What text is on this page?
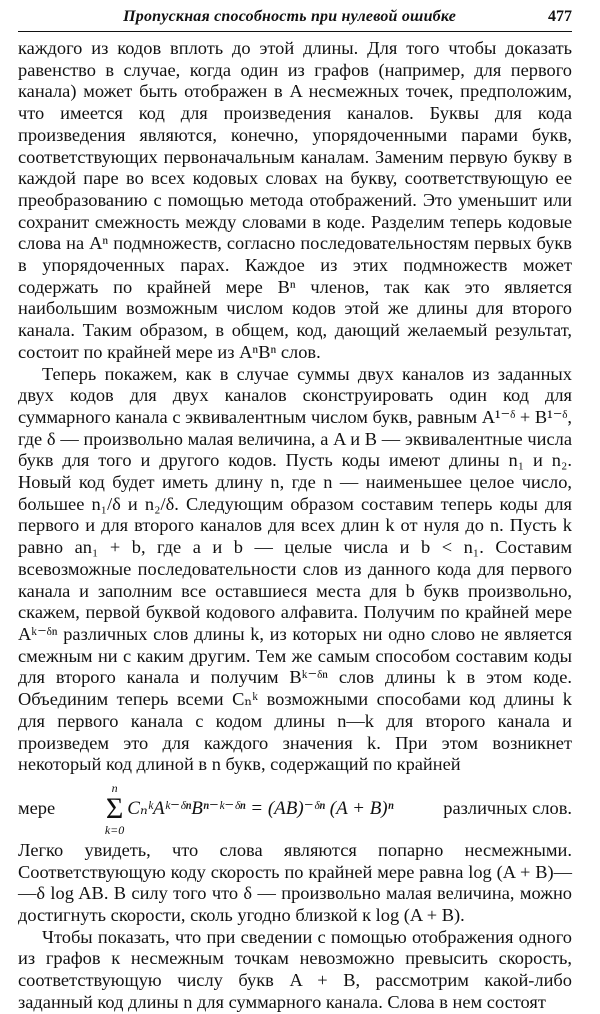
Пропускная способность при нулевой ошибке	477

каждого из кодов вплоть до этой длины. Для того чтобы доказать равенство в случае, когда один из графов (например, для первого канала) может быть отображен в A несмежных точек, предположим, что имеется код для произведения каналов. Буквы для кода произведения являются, конечно, упорядоченными парами букв, соответствующих первоначальным каналам. Заменим первую букву в каждой паре во всех кодовых словах на букву, соответствующую ее преобразованию с помощью метода отображений. Это уменьшит или сохранит смежность между словами в коде. Разделим теперь кодовые слова на Aⁿ подмножеств, согласно последовательностям первых букв в упорядоченных парах. Каждое из этих подмножеств может содержать по крайней мере Bⁿ членов, так как это является наибольшим возможным числом кодов этой же длины для второго канала. Таким образом, в общем, код, дающий желаемый результат, состоит по крайней мере из AⁿBⁿ слов.

Теперь покажем, как в случае суммы двух каналов из заданных двух кодов для двух каналов сконструировать один код для суммарного канала с эквивалентным числом букв, равным A¹⁻ᵟ + B¹⁻ᵟ, где δ — произвольно малая величина, а A и B — эквивалентные числа букв для того и другого кодов. Пусть коды имеют длины n₁ и n₂. Новый код будет иметь длину n, где n — наименьшее целое число, большее n₁/δ и n₂/δ. Следующим образом составим теперь коды для первого и для второго каналов для всех длин k от нуля до n. Пусть k равно an₁ + b, где a и b — целые числа и b < n₁. Составим всевозможные последовательности слов из данного кода для первого канала и заполним все оставшиеся места для b букв произвольно, скажем, первой буквой кодового алфавита. Получим по крайней мере Aᵏ⁻ᵟⁿ различных слов длины k, из которых ни одно слово не является смежным ни с каким другим. Тем же самым способом составим коды для второго канала и получим Bᵏ⁻ᵟⁿ слов длины k в этом коде. Объединим теперь всеми Cₙᵏ возможными способами код длины k для первого канала с кодом длины n—k для второго канала и произведем это для каждого значения k. При этом возникнет некоторый код длиной в n букв, содержащий по крайней

мере
n
Σ
k=0
CₙᵏAᵏ⁻ᵟⁿBⁿ⁻ᵏ⁻ᵟⁿ = (AB)⁻ᵟⁿ (A + B)ⁿ	различных слов.

Легко увидеть, что слова являются попарно несмежными. Соответствующую коду скорость по крайней мере равна log (A + B)— —δ log AB. В силу того что δ — произвольно малая величина, можно достигнуть скорости, сколь угодно близкой к log (A + B).

Чтобы показать, что при сведении с помощью отображения одного из графов к несмежным точкам невозможно превысить скорость, соответствующую числу букв A + B, рассмотрим какой-либо заданный код длины n для суммарного канала. Слова в нем состоят
